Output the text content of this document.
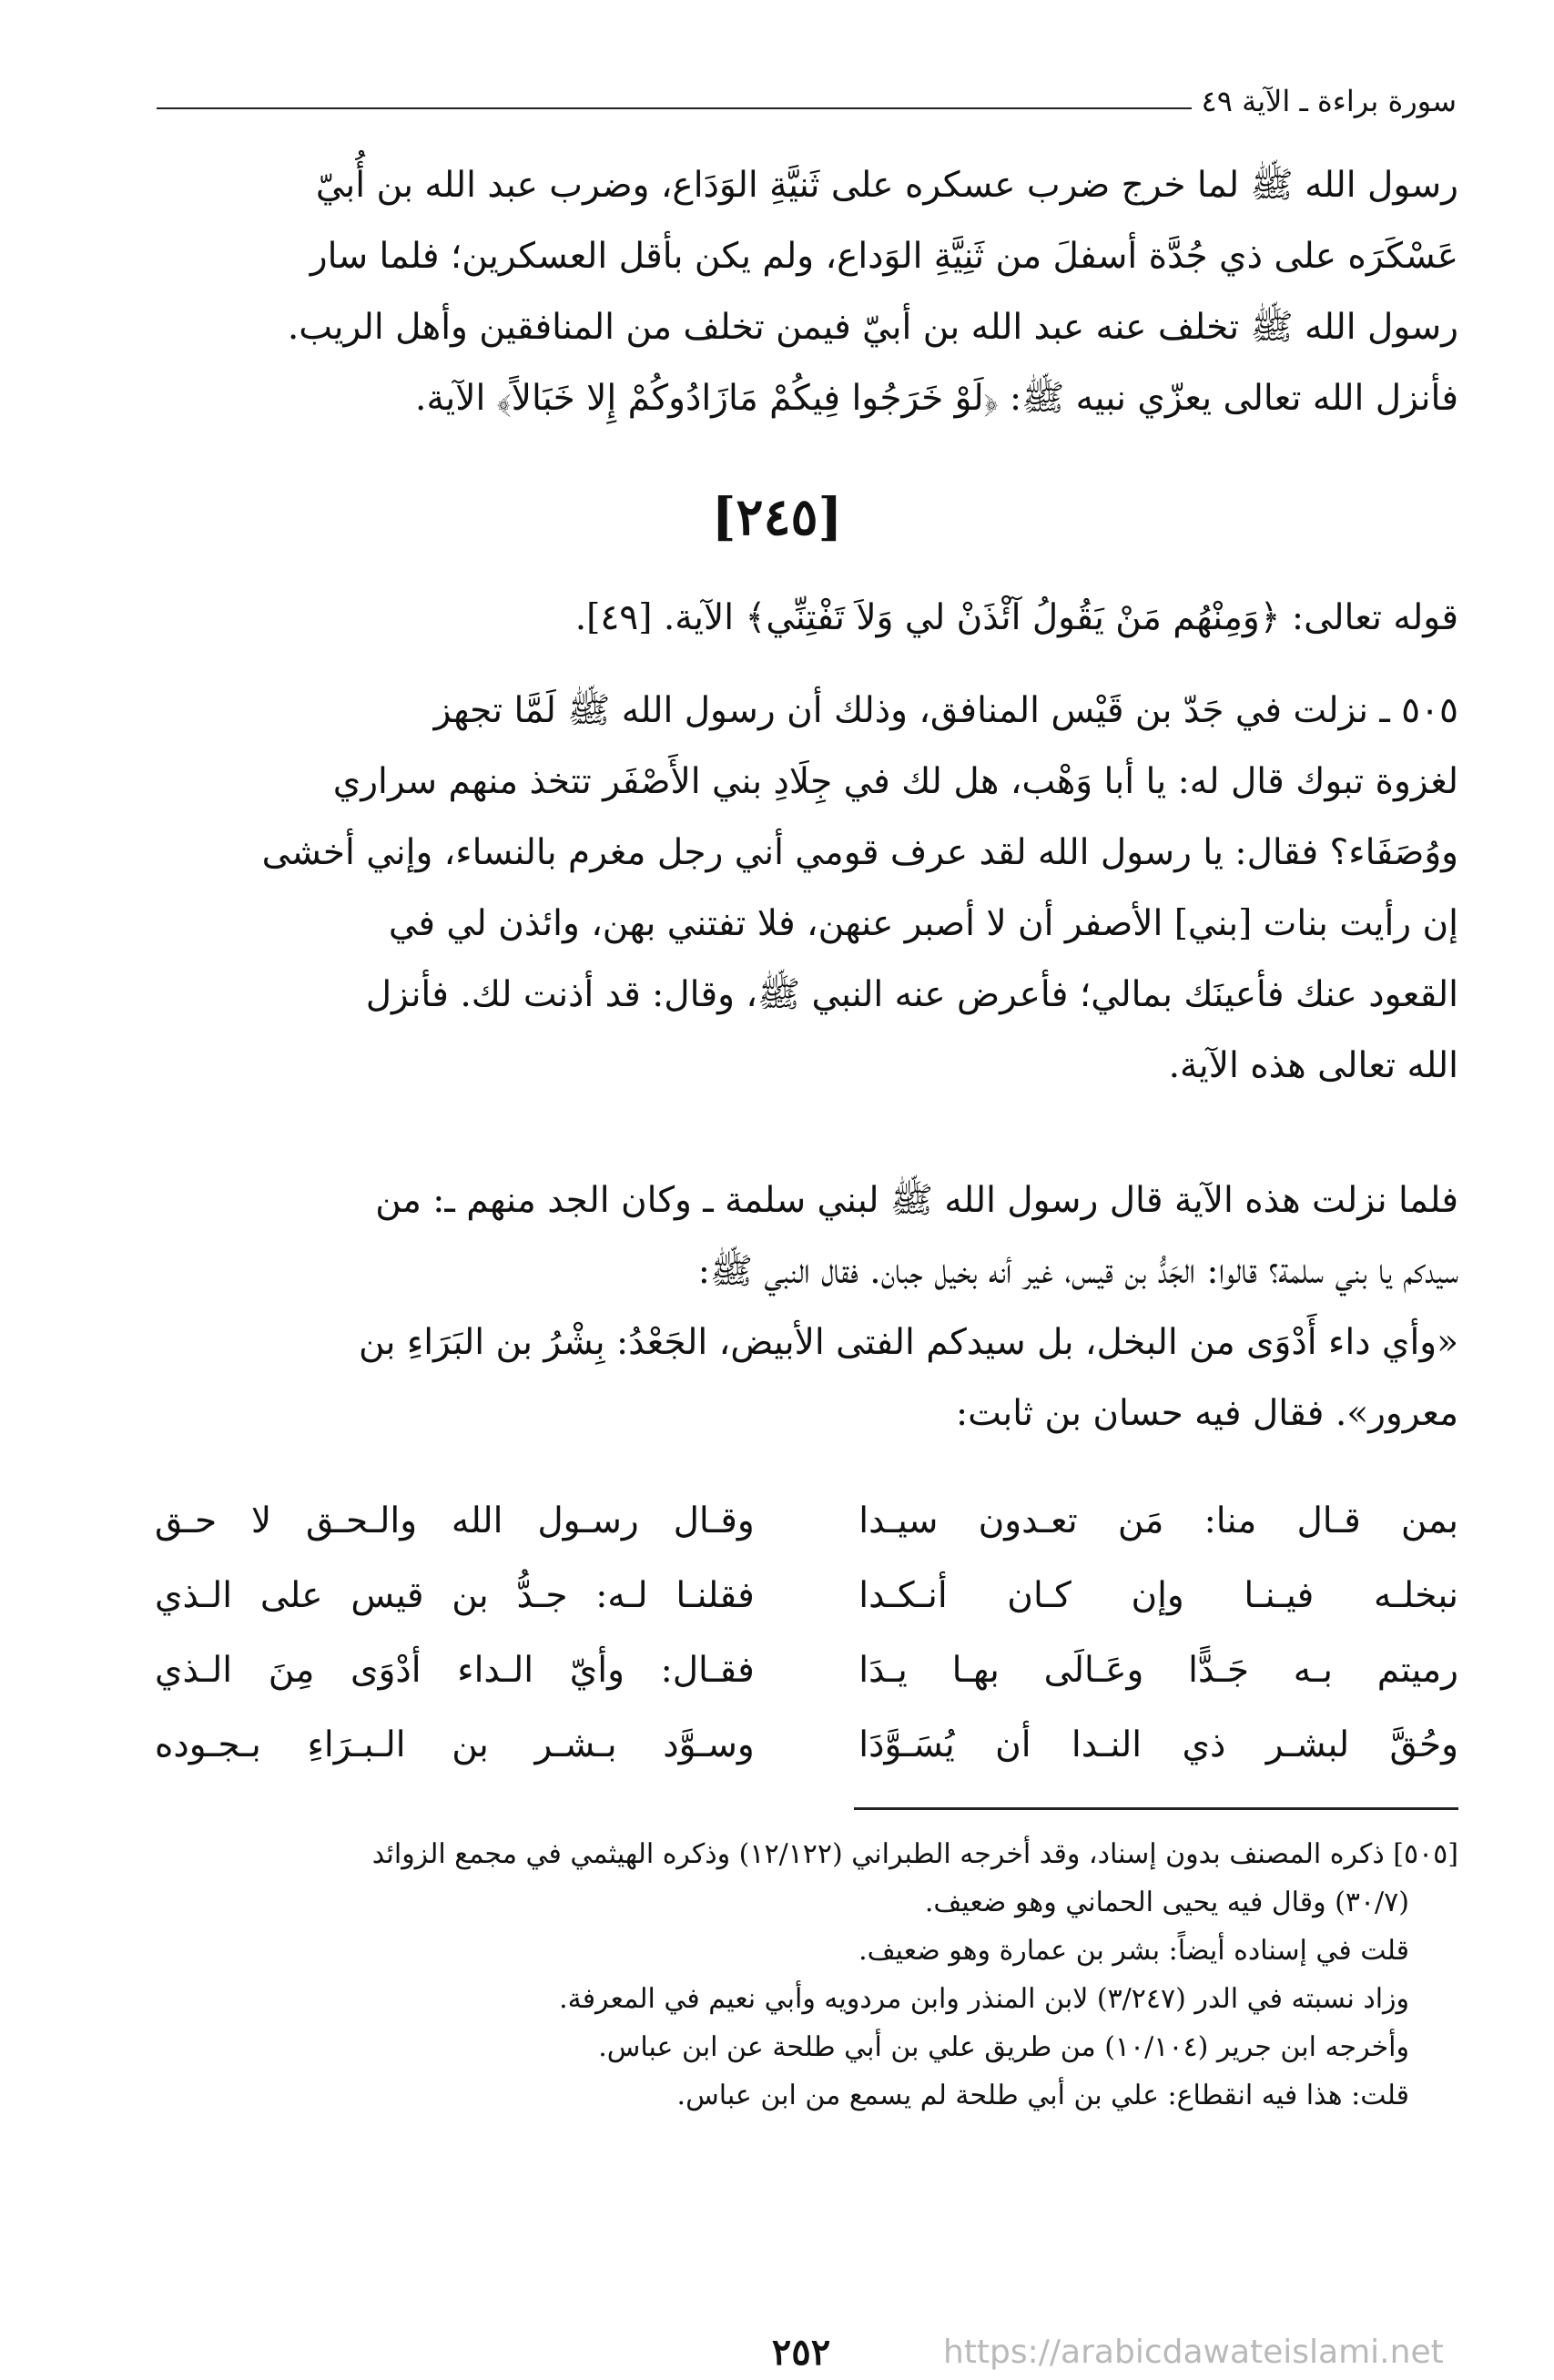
سورة براءة ـ الآية ٤٩
رسول الله ﷺ لما خرج ضرب عسكره على ثَنيَّةِ الوَدَاع، وضرب عبد الله بن أُبيّ
عَسْكَرَه على ذي جُدَّة أسفلَ من ثَنِيَّةِ الوَداع، ولم يكن بأقل العسكرين؛ فلما سار
رسول الله ﷺ تخلف عنه عبد الله بن أبيّ فيمن تخلف من المنافقين وأهل الريب.
فأنزل الله تعالى يعزّي نبيه ﷺ: ﴿لَوْ خَرَجُوا فِيكُمْ مَازَادُوكُمْ إِلا خَبَالاً﴾ الآية.
[٢٤٥]
قوله تعالى: ﴿وَمِنْهُم مَنْ يَقُولُ آئْذَنْ لي وَلاَ تَفْتِنِّي﴾ الآية. [٤٩].
٥٠٥ ـ نزلت في جَدّ بن قَيْس المنافق، وذلك أن رسول الله ﷺ لَمَّا تجهز
لغزوة تبوك قال له: يا أبا وَهْب، هل لك في جِلَادِ بني الأَصْفَر تتخذ منهم سراري
ووُصَفَاء؟ فقال: يا رسول الله لقد عرف قومي أني رجل مغرم بالنساء، وإني أخشى
إن رأيت بنات [بني] الأصفر أن لا أصبر عنهن، فلا تفتني بهن، وائذن لي في
القعود عنك فأعينَك بمالي؛ فأعرض عنه النبي ﷺ، وقال: قد أذنت لك. فأنزل
الله تعالى هذه الآية.
فلما نزلت هذه الآية قال رسول الله ﷺ لبني سلمة ـ وكان الجد منهم ـ: من
سيدكم يا بني سلمة؟ قالوا: الجَدُّ بن قيس، غير أنه بخيل جبان. فقال النبي ﷺ:
«وأي داء أَدْوَى من البخل، بل سيدكم الفتى الأبيض، الجَعْدُ: بِشْرُ بن البَرَاءِ بن
معرور». فقال فيه حسان بن ثابت:
وقـال رسـول الله والـحـق لا حـق	بمن قـال منا: مَن تعـدون سيـدا
فقلنـا لـه: جـدُّ بن قيس على الـذي	نبخلـه فيـنـا وإن كـان أنـكـدا
فقـال: وأيّ الـداء أدْوَى مِنَ الـذي	رميتم بـه جَـدًّا وعَـالَى بهـا يـدَا
وسـوَّد بـشـر بن الـبـرَاءِ بـجـوده	وحُقَّ لبشـر ذي النـدا أن يُسَـوَّدَا
[٥٠٥] ذكره المصنف بدون إسناد، وقد أخرجه الطبراني (١٢/١٢٢) وذكره الهيثمي في مجمع الزوائد
(٣٠/٧) وقال فيه يحيى الحماني وهو ضعيف.
قلت في إسناده أيضاً: بشر بن عمارة وهو ضعيف.
وزاد نسبته في الدر (٣/٢٤٧) لابن المنذر وابن مردويه وأبي نعيم في المعرفة.
وأخرجه ابن جرير (١٠/١٠٤) من طريق علي بن أبي طلحة عن ابن عباس.
قلت: هذا فيه انقطاع: علي بن أبي طلحة لم يسمع من ابن عباس.
٢٥٢	https://arabicdawateislami.net
